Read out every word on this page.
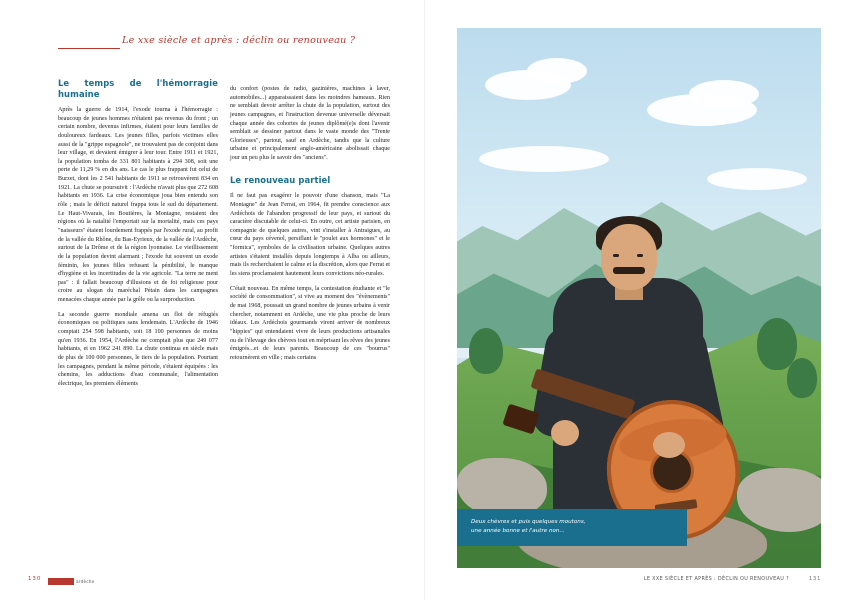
Le xxe siècle et après : déclin ou renouveau ?
Le temps de l'hémorragie humaine

Après la guerre de 1914, l'exode tourna à l'hémorragie : beaucoup de jeunes hommes n'étaient pas revenus du front ; un certain nombre, devenus infirmes, étaient pour leurs familles de douloureux fardeaux. Les jeunes filles, parfois victimes elles aussi de la "grippe espagnole", ne trouvaient pas de conjoint dans leur village, et devaient émigrer à leur tour. Entre 1911 et 1921, la population tomba de 331 801 habitants à 294 308, soit une perte de 11,29 % en dix ans. Le cas le plus frappant fut celui de Burzet, dont les 2 541 habitants de 1911 se retrouvèrent 834 en 1921. La chute se poursuivit : l'Ardèche n'avait plus que 272 608 habitants en 1936. La crise économique joua bien entendu son rôle ; mais le déficit naturel frappa tous le sud du département. Le Haut-Vivarais, les Boutières, la Montagne, restaient des régions où la natalité l'emportait sur la mortalité, mais ces pays "naisseurs" étaient lourdement frappés par l'exode rural, au profit de la vallée du Rhône, du Bas-Eyrieux, de la vallée de l'Ardèche, surtout de la Drôme et de la région lyonnaise. Le vieillissement de la population devint alarmant ; l'exode fut souvent un exode féminin, les jeunes filles refusant la pénibilité, le manque d'hygiène et les incertitudes de la vie agricole. "La terre ne ment pas" : il fallait beaucoup d'illusions et de foi religieuse pour croire au slogan du maréchal Pétain dans les campagnes menacées chaque année par la grêle ou la surproduction.

La seconde guerre mondiale amena un flot de réfugiés économiques ou politiques sans lendemain. L'Ardèche de 1946 comptait 254 598 habitants, soit 18 100 personnes de moins qu'en 1936. En 1954, l'Ardèche ne comptait plus que 249 077 habitants, et en 1962 241 890. La chute continua en siècle mais de plus de 100 000 personnes, le tiers de la population. Pourtant les campagnes, pendant la même période, s'étaient équipées : les chemins, les adductions d'eau communale, l'alimentation électrique, les premiers éléments

du confort (postes de radio, gazinières, machines à laver, automobiles...) apparaissaient dans les moindres hameaux. Rien ne semblait devoir arrêter la chute de la population, surtout des jeunes campagnes, et l'instruction devenue universelle déversait chaque année des cohortes de jeunes diplômé(e)s dont l'avenir semblait se dessiner partout dans le vaste monde des "Trente Glorieuses", partout, sauf en Ardèche, tandis que la culture urbaine et principalement anglo-américaine abolissait chaque jour un peu plus le savoir des "anciens".

Le renouveau partiel

Il ne faut pas exagérer le pouvoir d'une chanson, mais "La Montagne" de Jean Ferrat, en 1964, fit prendre conscience aux Ardéchois de l'abandon progressif de leur pays, et surtout du caractère discutable de celui-ci. En outre, cet artiste parisien, en compagnie de quelques autres, vint s'installer à Antraigues, au cœur du pays cévenol, persiflant le "poulet aux hormones" et le "formica", symboles de la civilisation urbaine. Quelques autres artistes s'étaient installés depuis longtemps à Alba ou ailleurs, mais ils recherchaient le calme et la discrétion, alors que Ferrat et les siens proclamaient hautement leurs convictions néo-rurales.

C'était nouveau. En même temps, la contestation étudiante et "le société de consommation", si vive au moment des "évènements" de mai 1968, poussait un grand nombre de jeunes urbains à venir chercher, notamment en Ardèche, une vie plus proche de leurs idéaux. Les Ardéchois gourmands virent arriver de nombreux "hippies" qui entendaient vivre de leurs productions artisanales ou de l'élevage des chèvres tout en méprisant les rêves des jeunes émigrés...et de leurs parents. Beaucoup de ces "bourrus" retournèrent en ville ; mais certains

130	ardèche
Deux chèvres et puis quelques moutons,
une année bonne et l'autre non...
LE XXE SIÈCLE ET APRÈS : DÉCLIN OU RENOUVEAU ?	131
